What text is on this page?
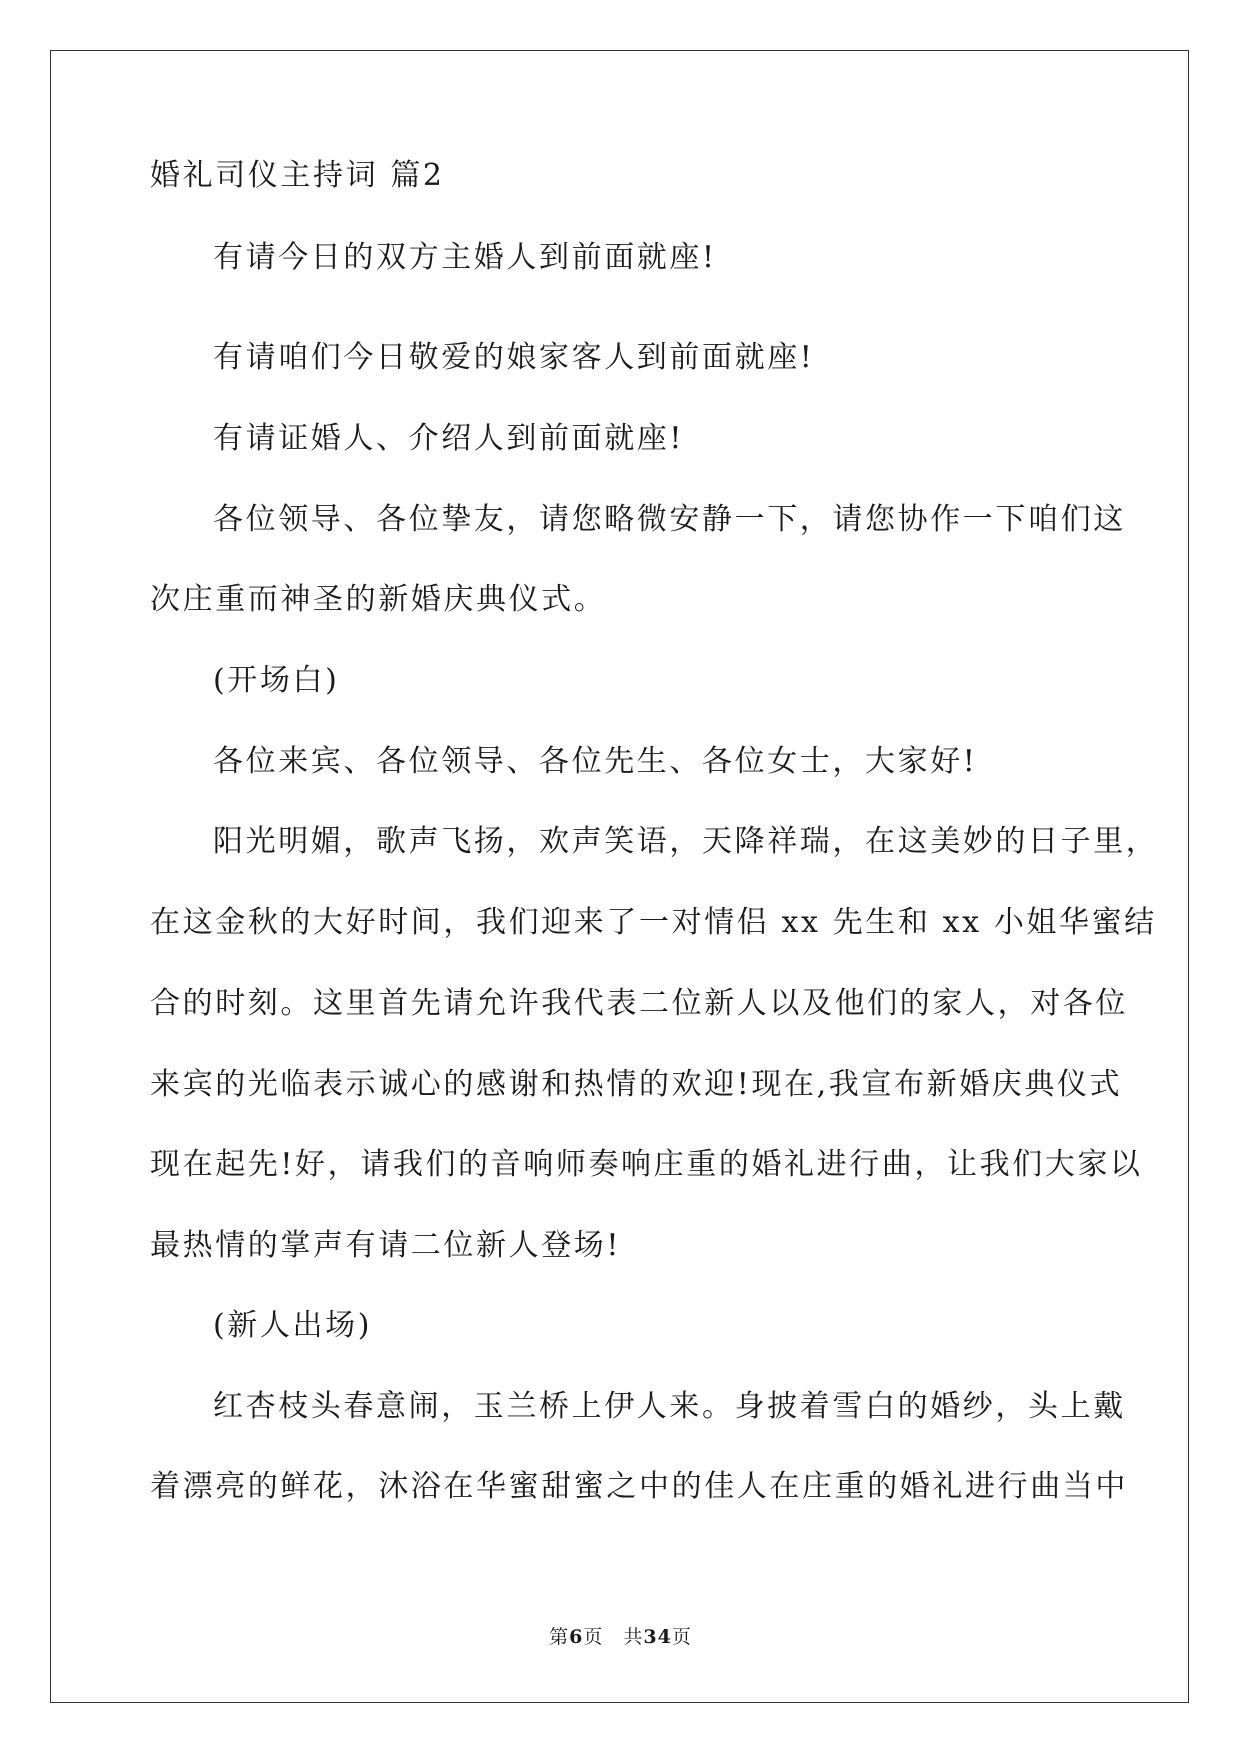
婚礼司仪主持词 篇2
有请今日的双方主婚人到前面就座!
有请咱们今日敬爱的娘家客人到前面就座!
有请证婚人、介绍人到前面就座!
各位领导、各位挚友，请您略微安静一下，请您协作一下咱们这
次庄重而神圣的新婚庆典仪式。
(开场白)
各位来宾、各位领导、各位先生、各位女士，大家好!
阳光明媚，歌声飞扬，欢声笑语，天降祥瑞，在这美妙的日子里，
在这金秋的大好时间，我们迎来了一对情侣 xx 先生和 xx 小姐华蜜结
合的时刻。这里首先请允许我代表二位新人以及他们的家人，对各位
来宾的光临表示诚心的感谢和热情的欢迎!现在,我宣布新婚庆典仪式
现在起先!好，请我们的音响师奏响庄重的婚礼进行曲，让我们大家以
最热情的掌声有请二位新人登场!
(新人出场)
红杏枝头春意闹，玉兰桥上伊人来。身披着雪白的婚纱，头上戴
着漂亮的鲜花，沐浴在华蜜甜蜜之中的佳人在庄重的婚礼进行曲当中
第6页　共34页
